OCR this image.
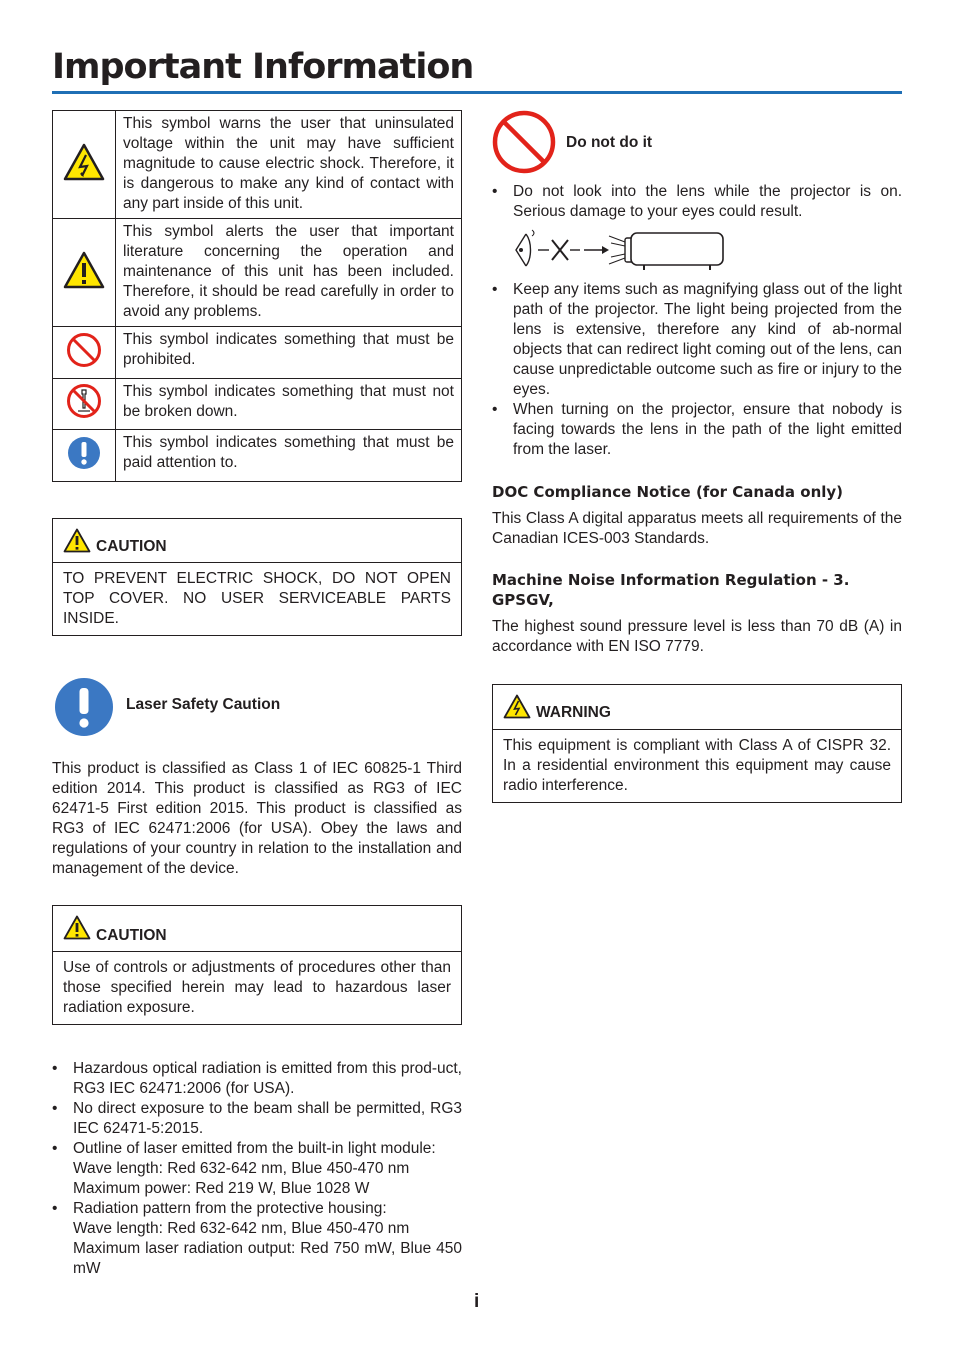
Important Information
	This symbol warns the user that uninsulated voltage within the unit may have sufficient magnitude to cause electric shock. Therefore, it is dangerous to make any kind of contact with any part inside of this unit.
	This symbol alerts the user that important literature concerning the operation and maintenance of this unit has been included. Therefore, it should be read carefully in order to avoid any problems.
	This symbol indicates something that must be prohibited.
	This symbol indicates something that must not be broken down.
	This symbol indicates something that must be paid attention to.
CAUTION
TO PREVENT ELECTRIC SHOCK, DO NOT OPEN TOP COVER. NO USER SERVICEABLE PARTS INSIDE.
Laser Safety Caution

This product is classified as Class 1 of IEC 60825-1 Third edition 2014. This product is classified as RG3 of IEC 62471-5 First edition 2015. This product is classified as RG3 of IEC 62471:2006 (for USA). Obey the laws and regulations of your country in relation to the installation and management of the device.

CAUTION
Use of controls or adjustments of procedures other than those specified herein may lead to hazardous laser radiation exposure.
• Hazardous optical radiation is emitted from this prod-uct, RG3 IEC 62471:2006 (for USA).
• No direct exposure to the beam shall be permitted, RG3 IEC 62471-5:2015.
• Outline of laser emitted from the built-in light module:
Wave length: Red 632-642 nm, Blue 450-470 nm
Maximum power: Red 219 W, Blue 1028 W
• Radiation pattern from the protective housing:
Wave length: Red 632-642 nm, Blue 450-470 nm
Maximum laser radiation output: Red 750 mW, Blue 450 mW
Do not do it
• Do not look into the lens while the projector is on. Serious damage to your eyes could result.
• Keep any items such as magnifying glass out of the light path of the projector. The light being projected from the lens is extensive, therefore any kind of ab-normal objects that can redirect light coming out of the lens, can cause unpredictable outcome such as fire or injury to the eyes.
• When turning on the projector, ensure that nobody is facing towards the lens in the path of the light emitted from the laser.
DOC Compliance Notice (for Canada only)

This Class A digital apparatus meets all requirements of the Canadian ICES-003 Standards.

Machine Noise Information Regulation - 3. GPSGV,

The highest sound pressure level is less than 70 dB (A) in accordance with EN ISO 7779.

WARNING
This equipment is compliant with Class A of CISPR 32. In a residential environment this equipment may cause radio interference.
i
